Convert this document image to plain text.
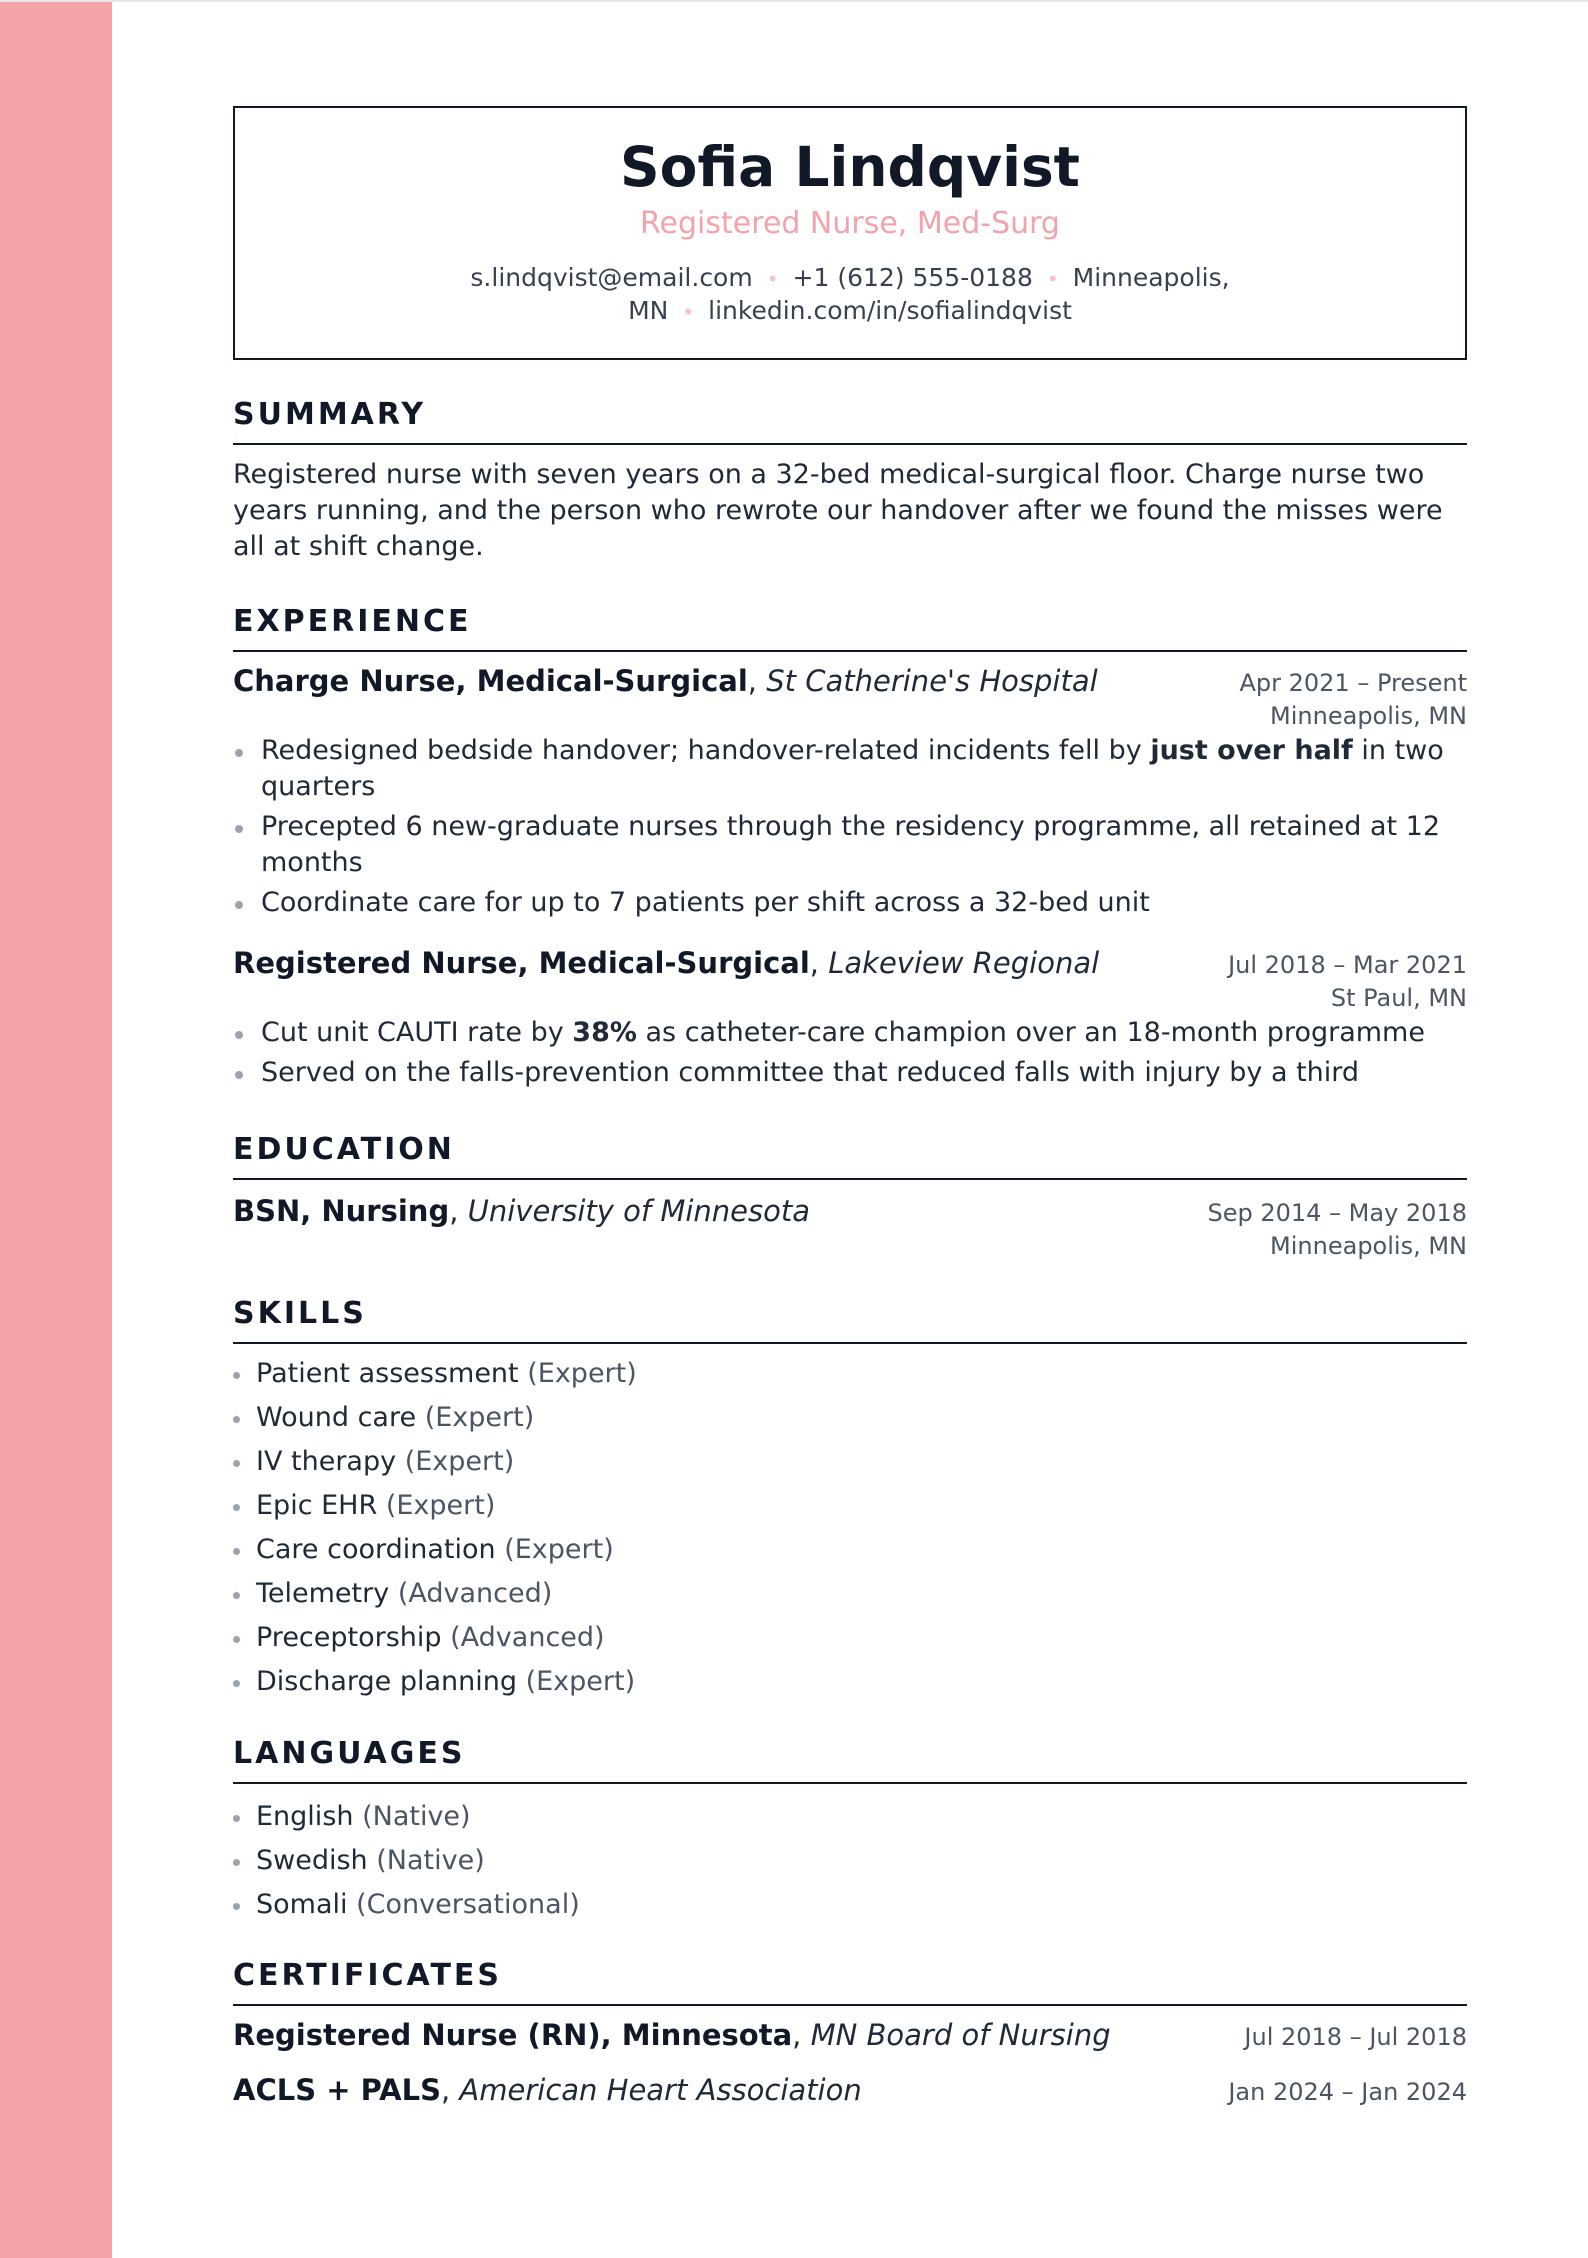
Sofia Lindqvist
Registered Nurse, Med-Surg
s.lindqvist@email.com • +1 (612) 555-0188 • Minneapolis,
MN • linkedin.com/in/sofialindqvist
SUMMARY
Registered nurse with seven years on a 32-bed medical-surgical floor. Charge nurse two years running, and the person who rewrote our handover after we found the misses were all at shift change.
EXPERIENCE
Charge Nurse, Medical-Surgical, St Catherine's Hospital	Apr 2021 – Present
Minneapolis, MN
Redesigned bedside handover; handover-related incidents fell by just over half in two quarters
Precepted 6 new-graduate nurses through the residency programme, all retained at 12 months
Coordinate care for up to 7 patients per shift across a 32-bed unit
Registered Nurse, Medical-Surgical, Lakeview Regional	Jul 2018 – Mar 2021
St Paul, MN
Cut unit CAUTI rate by 38% as catheter-care champion over an 18-month programme
Served on the falls-prevention committee that reduced falls with injury by a third
EDUCATION
BSN, Nursing, University of Minnesota	Sep 2014 – May 2018
Minneapolis, MN
SKILLS
Patient assessment (Expert)
Wound care (Expert)
IV therapy (Expert)
Epic EHR (Expert)
Care coordination (Expert)
Telemetry (Advanced)
Preceptorship (Advanced)
Discharge planning (Expert)
LANGUAGES
English (Native)
Swedish (Native)
Somali (Conversational)
CERTIFICATES
Registered Nurse (RN), Minnesota, MN Board of Nursing	Jul 2018 – Jul 2018
ACLS + PALS, American Heart Association	Jan 2024 – Jan 2024
